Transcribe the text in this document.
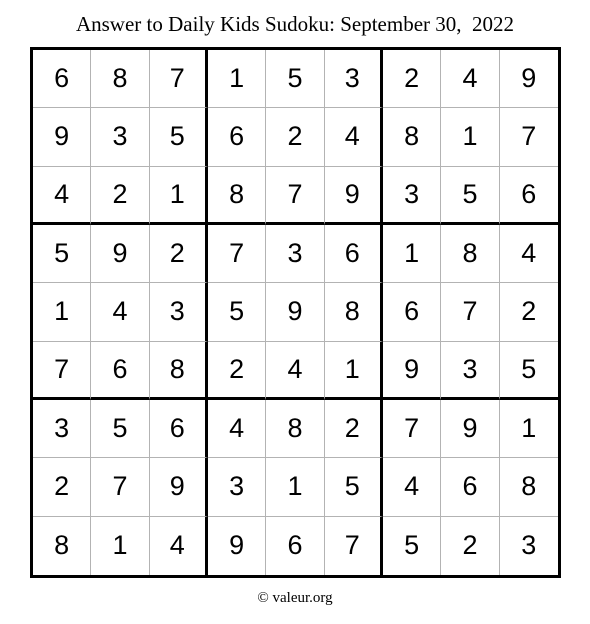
Answer to Daily Kids Sudoku: September 30,  2022
6	8	7	1	5	3	2	4	9
9	3	5	6	2	4	8	1	7
4	2	1	8	7	9	3	5	6
5	9	2	7	3	6	1	8	4
1	4	3	5	9	8	6	7	2
7	6	8	2	4	1	9	3	5
3	5	6	4	8	2	7	9	1
2	7	9	3	1	5	4	6	8
8	1	4	9	6	7	5	2	3
© valeur.org
